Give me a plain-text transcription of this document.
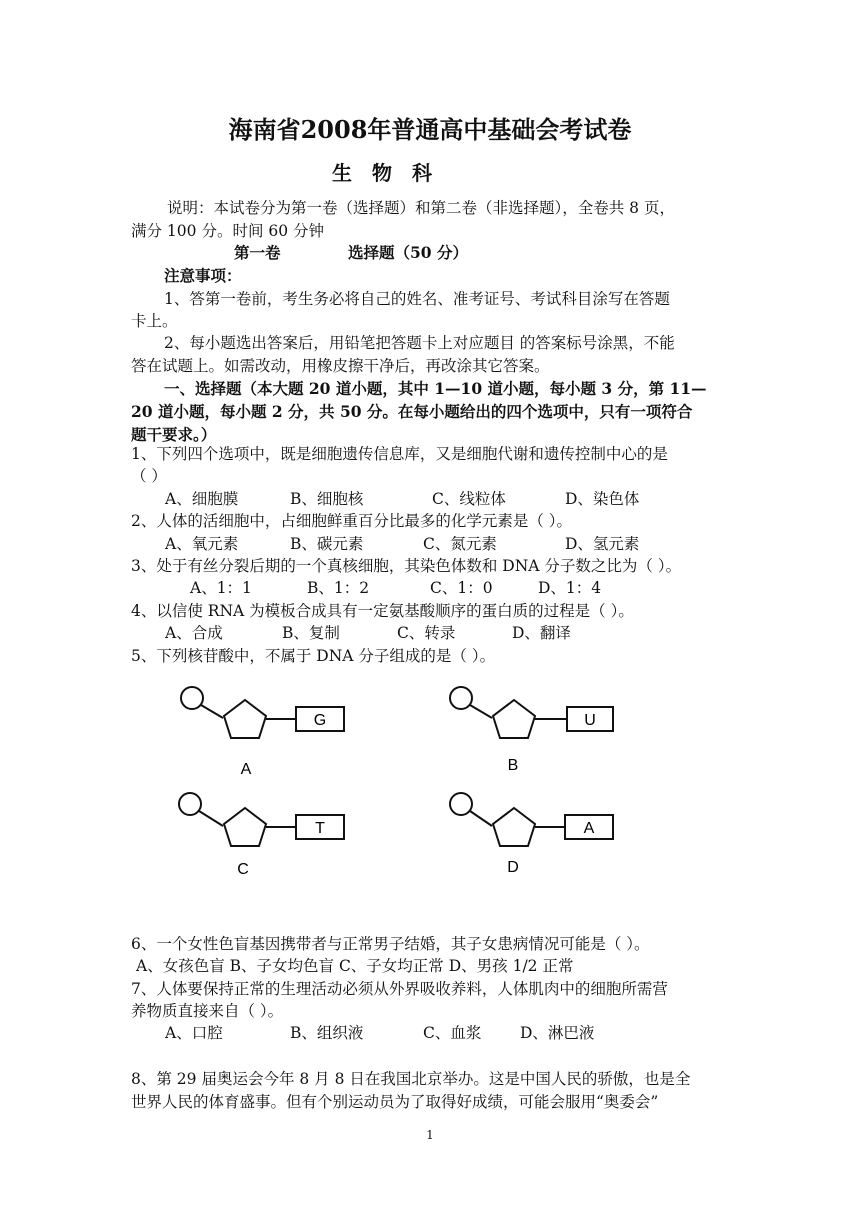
海南省2008年普通高中基础会考试卷
生　物　科
说明：本试卷分为第一卷（选择题）和第二卷（非选择题），全卷共 8 页，
满分 100 分。时间 60 分钟
第一卷	选择题（50 分）
注意事项：
1、答第一卷前，考生务必将自己的姓名、准考证号、考试科目涂写在答题
卡上。
2、每小题选出答案后，用铅笔把答题卡上对应题目 的答案标号涂黑，不能
答在试题上。如需改动，用橡皮擦干净后，再改涂其它答案。
一、选择题（本大题 20 道小题，其中 1—10 道小题，每小题 3 分，第 11—
20 道小题，每小题 2 分，共 50 分。在每小题给出的四个选项中，只有一项符合
题干要求。）
1、下列四个选项中，既是细胞遗传信息库，又是细胞代谢和遗传控制中心的是
（ ）
A、细胞膜	B、细胞核	C、线粒体	D、染色体
2、人体的活细胞中，占细胞鲜重百分比最多的化学元素是（ ）。
A、氧元素	B、碳元素	C、氮元素	D、氢元素
3、处于有丝分裂后期的一个真核细胞，其染色体数和 DNA 分子数之比为（ ）。
A、1：1	B、1：2	C、1：0	D、1：4
4、以信使 RNA 为模板合成具有一定氨基酸顺序的蛋白质的过程是（ ）。
A、合成	B、复制	C、转录	D、翻译
5、下列核苷酸中，不属于 DNA 分子组成的是（ ）。
G
A
U
B
T
C
A
D
6、一个女性色盲基因携带者与正常男子结婚，其子女患病情况可能是（ ）。
A、女孩色盲 B、子女均色盲 C、子女均正常 D、男孩 1/2 正常
7、人体要保持正常的生理活动必须从外界吸收养料，人体肌肉中的细胞所需营
养物质直接来自（ ）。
A、口腔	B、组织液	C、血浆 D、淋巴液
8、第 29 届奥运会今年 8 月 8 日在我国北京举办。这是中国人民的骄傲，也是全
世界人民的体育盛事。但有个别运动员为了取得好成绩，可能会服用“奥委会”
1
